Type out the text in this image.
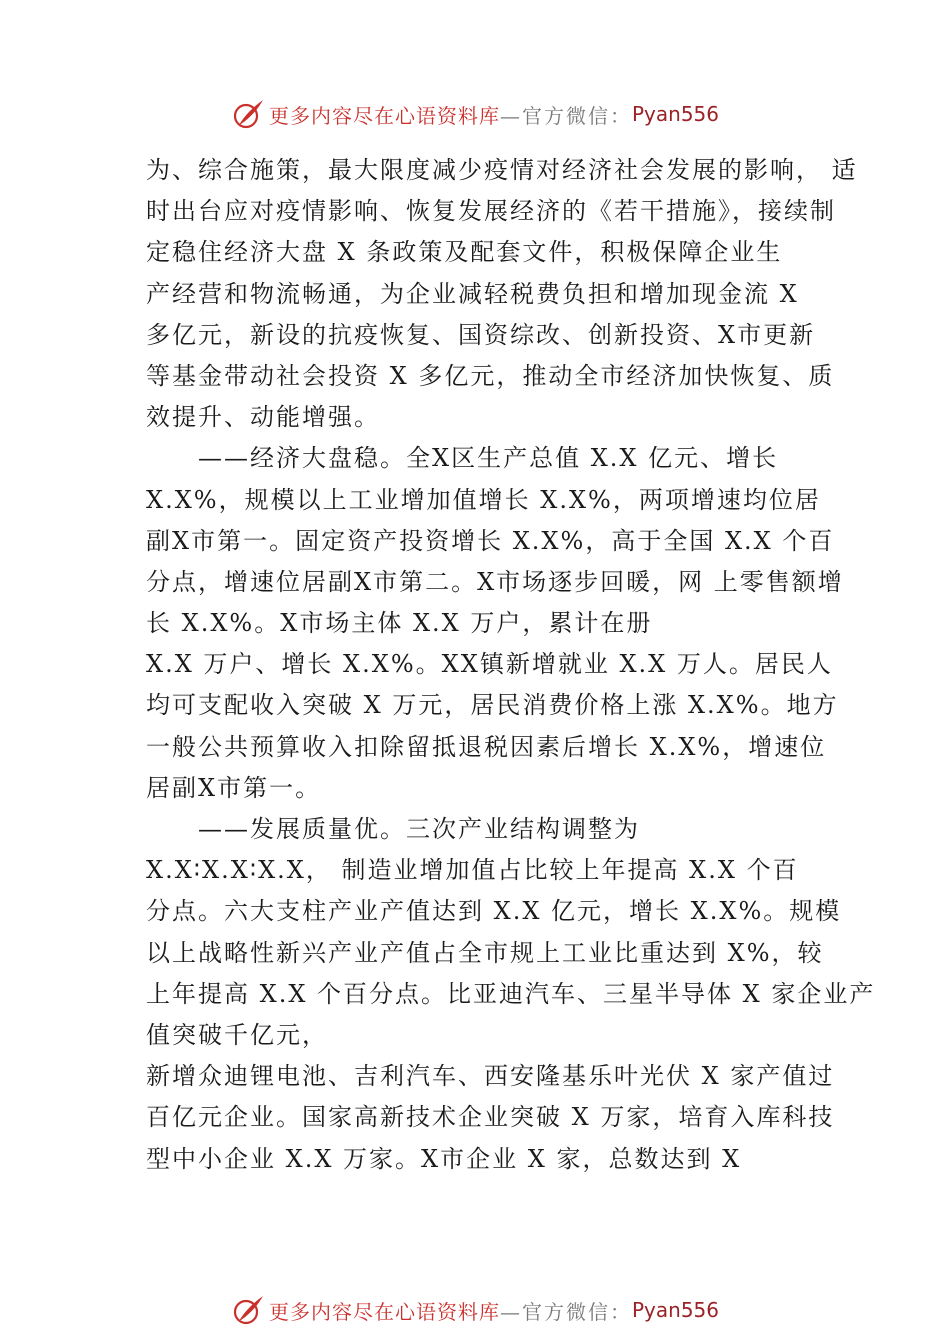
更多内容尽在心语资料库 —官方微信： Pyan556
为、综合施策，最大限度减少疫情对经济社会发展的影响， 适
时出台应对疫情影响、恢复发展经济的《若干措施》，接续制
定稳住经济大盘 X 条政策及配套文件，积极保障企业生
产经营和物流畅通，为企业减轻税费负担和增加现金流 X
多亿元，新设的抗疫恢复、国资综改、创新投资、X市更新
等基金带动社会投资 X 多亿元，推动全市经济加快恢复、质
效提升、动能增强。
　　——经济大盘稳。全X区生产总值 X.X 亿元、增长
X.X%，规模以上工业增加值增长 X.X%，两项增速均位居
副X市第一。固定资产投资增长 X.X%，高于全国 X.X 个百
分点，增速位居副X市第二。X市场逐步回暖，网 上零售额增
长 X.X%。X市场主体 X.X 万户，累计在册
X.X 万户、增长 X.X%。XX镇新增就业 X.X 万人。居民人
均可支配收入突破 X 万元，居民消费价格上涨 X.X%。地方
一般公共预算收入扣除留抵退税因素后增长 X.X%，增速位
居副X市第一。
　　——发展质量优。三次产业结构调整为
X.X∶X.X∶X.X， 制造业增加值占比较上年提高 X.X 个百
分点。六大支柱产业产值达到 X.X 亿元，增长 X.X%。规模
以上战略性新兴产业产值占全市规上工业比重达到 X%，较
上年提高 X.X 个百分点。比亚迪汽车、三星半导体 X 家企业产
值突破千亿元，
新增众迪锂电池、吉利汽车、西安隆基乐叶光伏 X 家产值过
百亿元企业。国家高新技术企业突破 X 万家，培育入库科技
型中小企业 X.X 万家。X市企业 X 家，总数达到 X
更多内容尽在心语资料库 —官方微信： Pyan556
